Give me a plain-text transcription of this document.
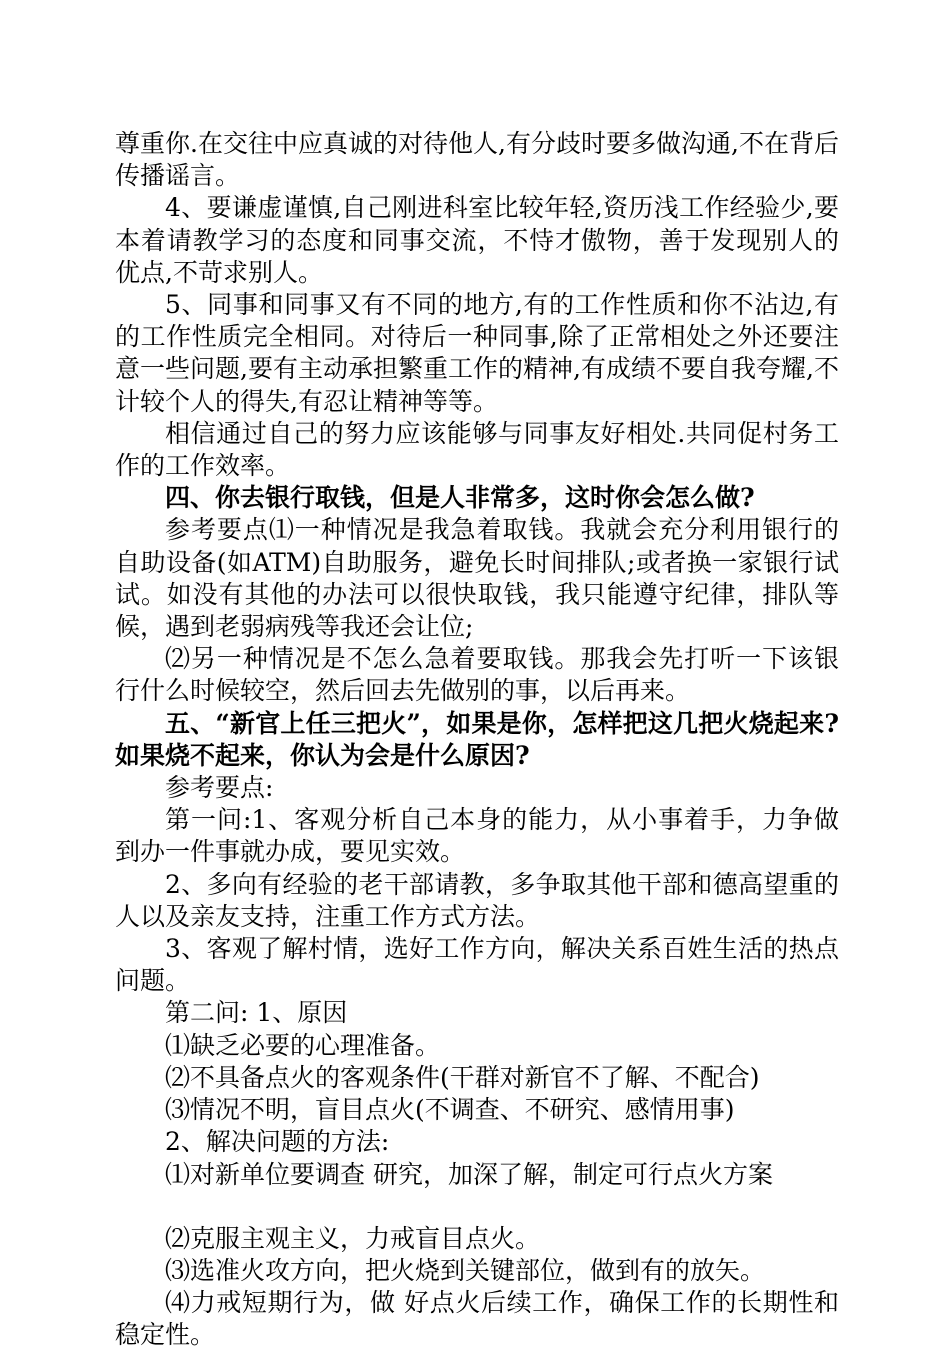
尊重你.在交往中应真诚的对待他人,有分歧时要多做沟通,不在背后传播谣言。

4、要谦虚谨慎,自己刚进科室比较年轻,资历浅工作经验少,要本着请教学习的态度和同事交流，不恃才傲物，善于发现别人的优点,不苛求别人。

5、同事和同事又有不同的地方,有的工作性质和你不沾边,有的工作性质完全相同。对待后一种同事,除了正常相处之外还要注意一些问题,要有主动承担繁重工作的精神,有成绩不要自我夸耀,不计较个人的得失,有忍让精神等等。

相信通过自己的努力应该能够与同事友好相处.共同促村务工作的工作效率。

四、你去银行取钱，但是人非常多，这时你会怎么做?

参考要点⑴一种情况是我急着取钱。我就会充分利用银行的自助设备(如ATM)自助服务，避免长时间排队;或者换一家银行试试。如没有其他的办法可以很快取钱，我只能遵守纪律，排队等候，遇到老弱病残等我还会让位;

⑵另一种情况是不怎么急着要取钱。那我会先打听一下该银行什么时候较空，然后回去先做别的事，以后再来。

五、“新官上任三把火”，如果是你，怎样把这几把火烧起来?如果烧不起来，你认为会是什么原因?

参考要点:

第一问:1、客观分析自己本身的能力，从小事着手，力争做到办一件事就办成，要见实效。

2、多向有经验的老干部请教，多争取其他干部和德高望重的人以及亲友支持，注重工作方式方法。

3、客观了解村情，选好工作方向，解决关系百姓生活的热点问题。

第二问: 1、原因

⑴缺乏必要的心理准备。

⑵不具备点火的客观条件(干群对新官不了解、不配合)

⑶情况不明，盲目点火(不调查、不研究、感情用事)

2、解决问题的方法:

⑴对新单位要调查 研究，加深了解，制定可行点火方案

⑵克服主观主义，力戒盲目点火。

⑶选准火攻方向，把火烧到关键部位，做到有的放矢。

⑷力戒短期行为，做 好点火后续工作，确保工作的长期性和稳定性。
